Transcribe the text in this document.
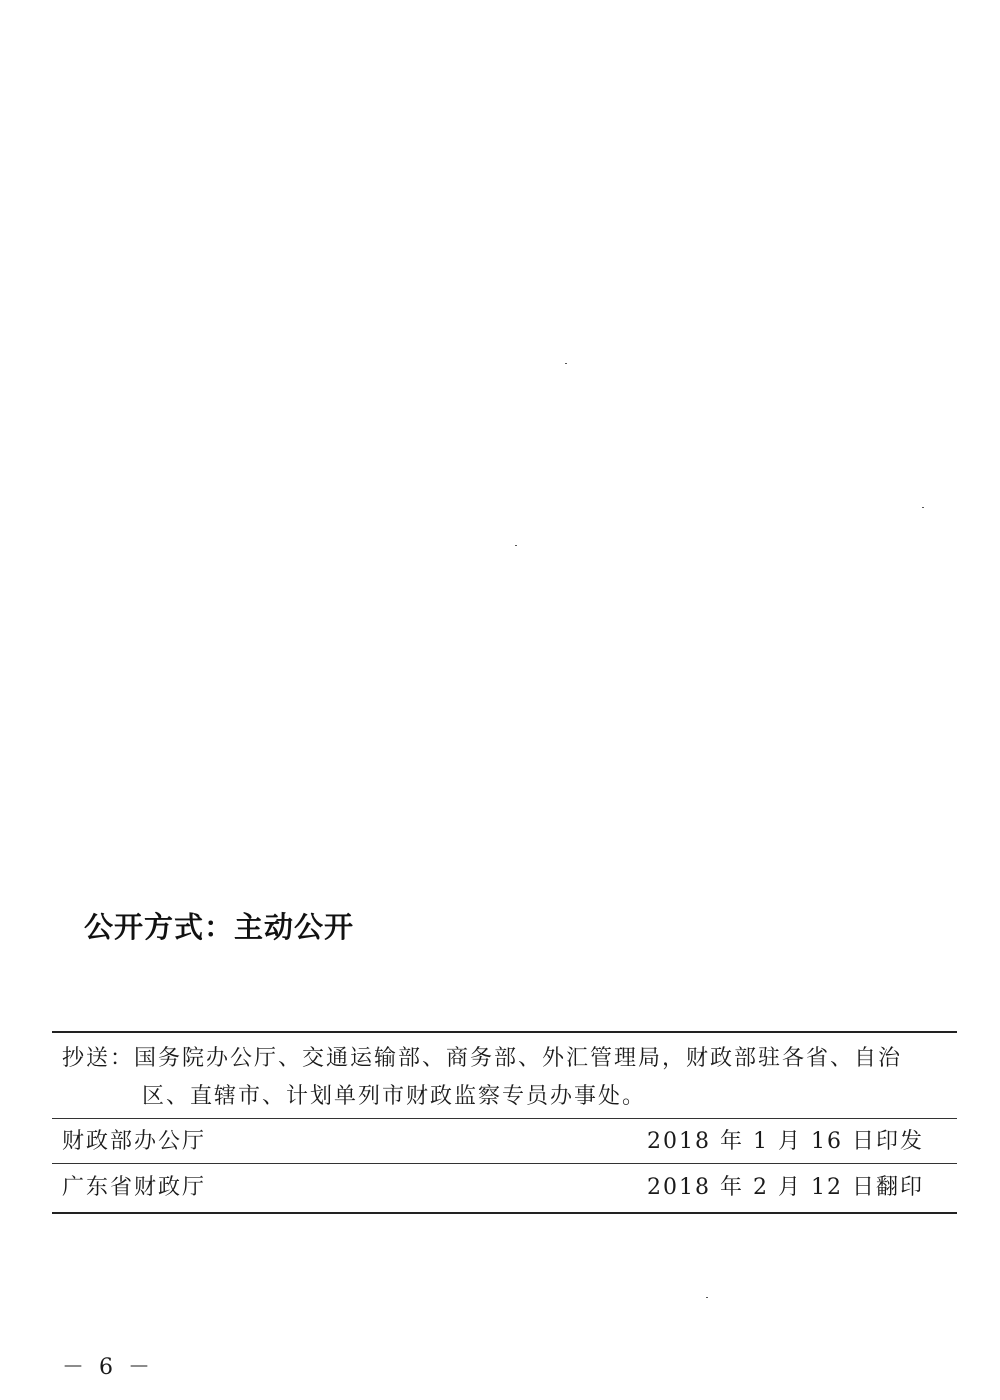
公开方式：主动公开
抄送： 国务院办公厅、交通运输部、商务部、外汇管理局，财政部驻各省、自治
区、直辖市、计划单列市财政监察专员办事处。
财政部办公厅	2018 年 1 月 16 日印发
广东省财政厅	2018 年 2 月 12 日翻印
－ 6 －
